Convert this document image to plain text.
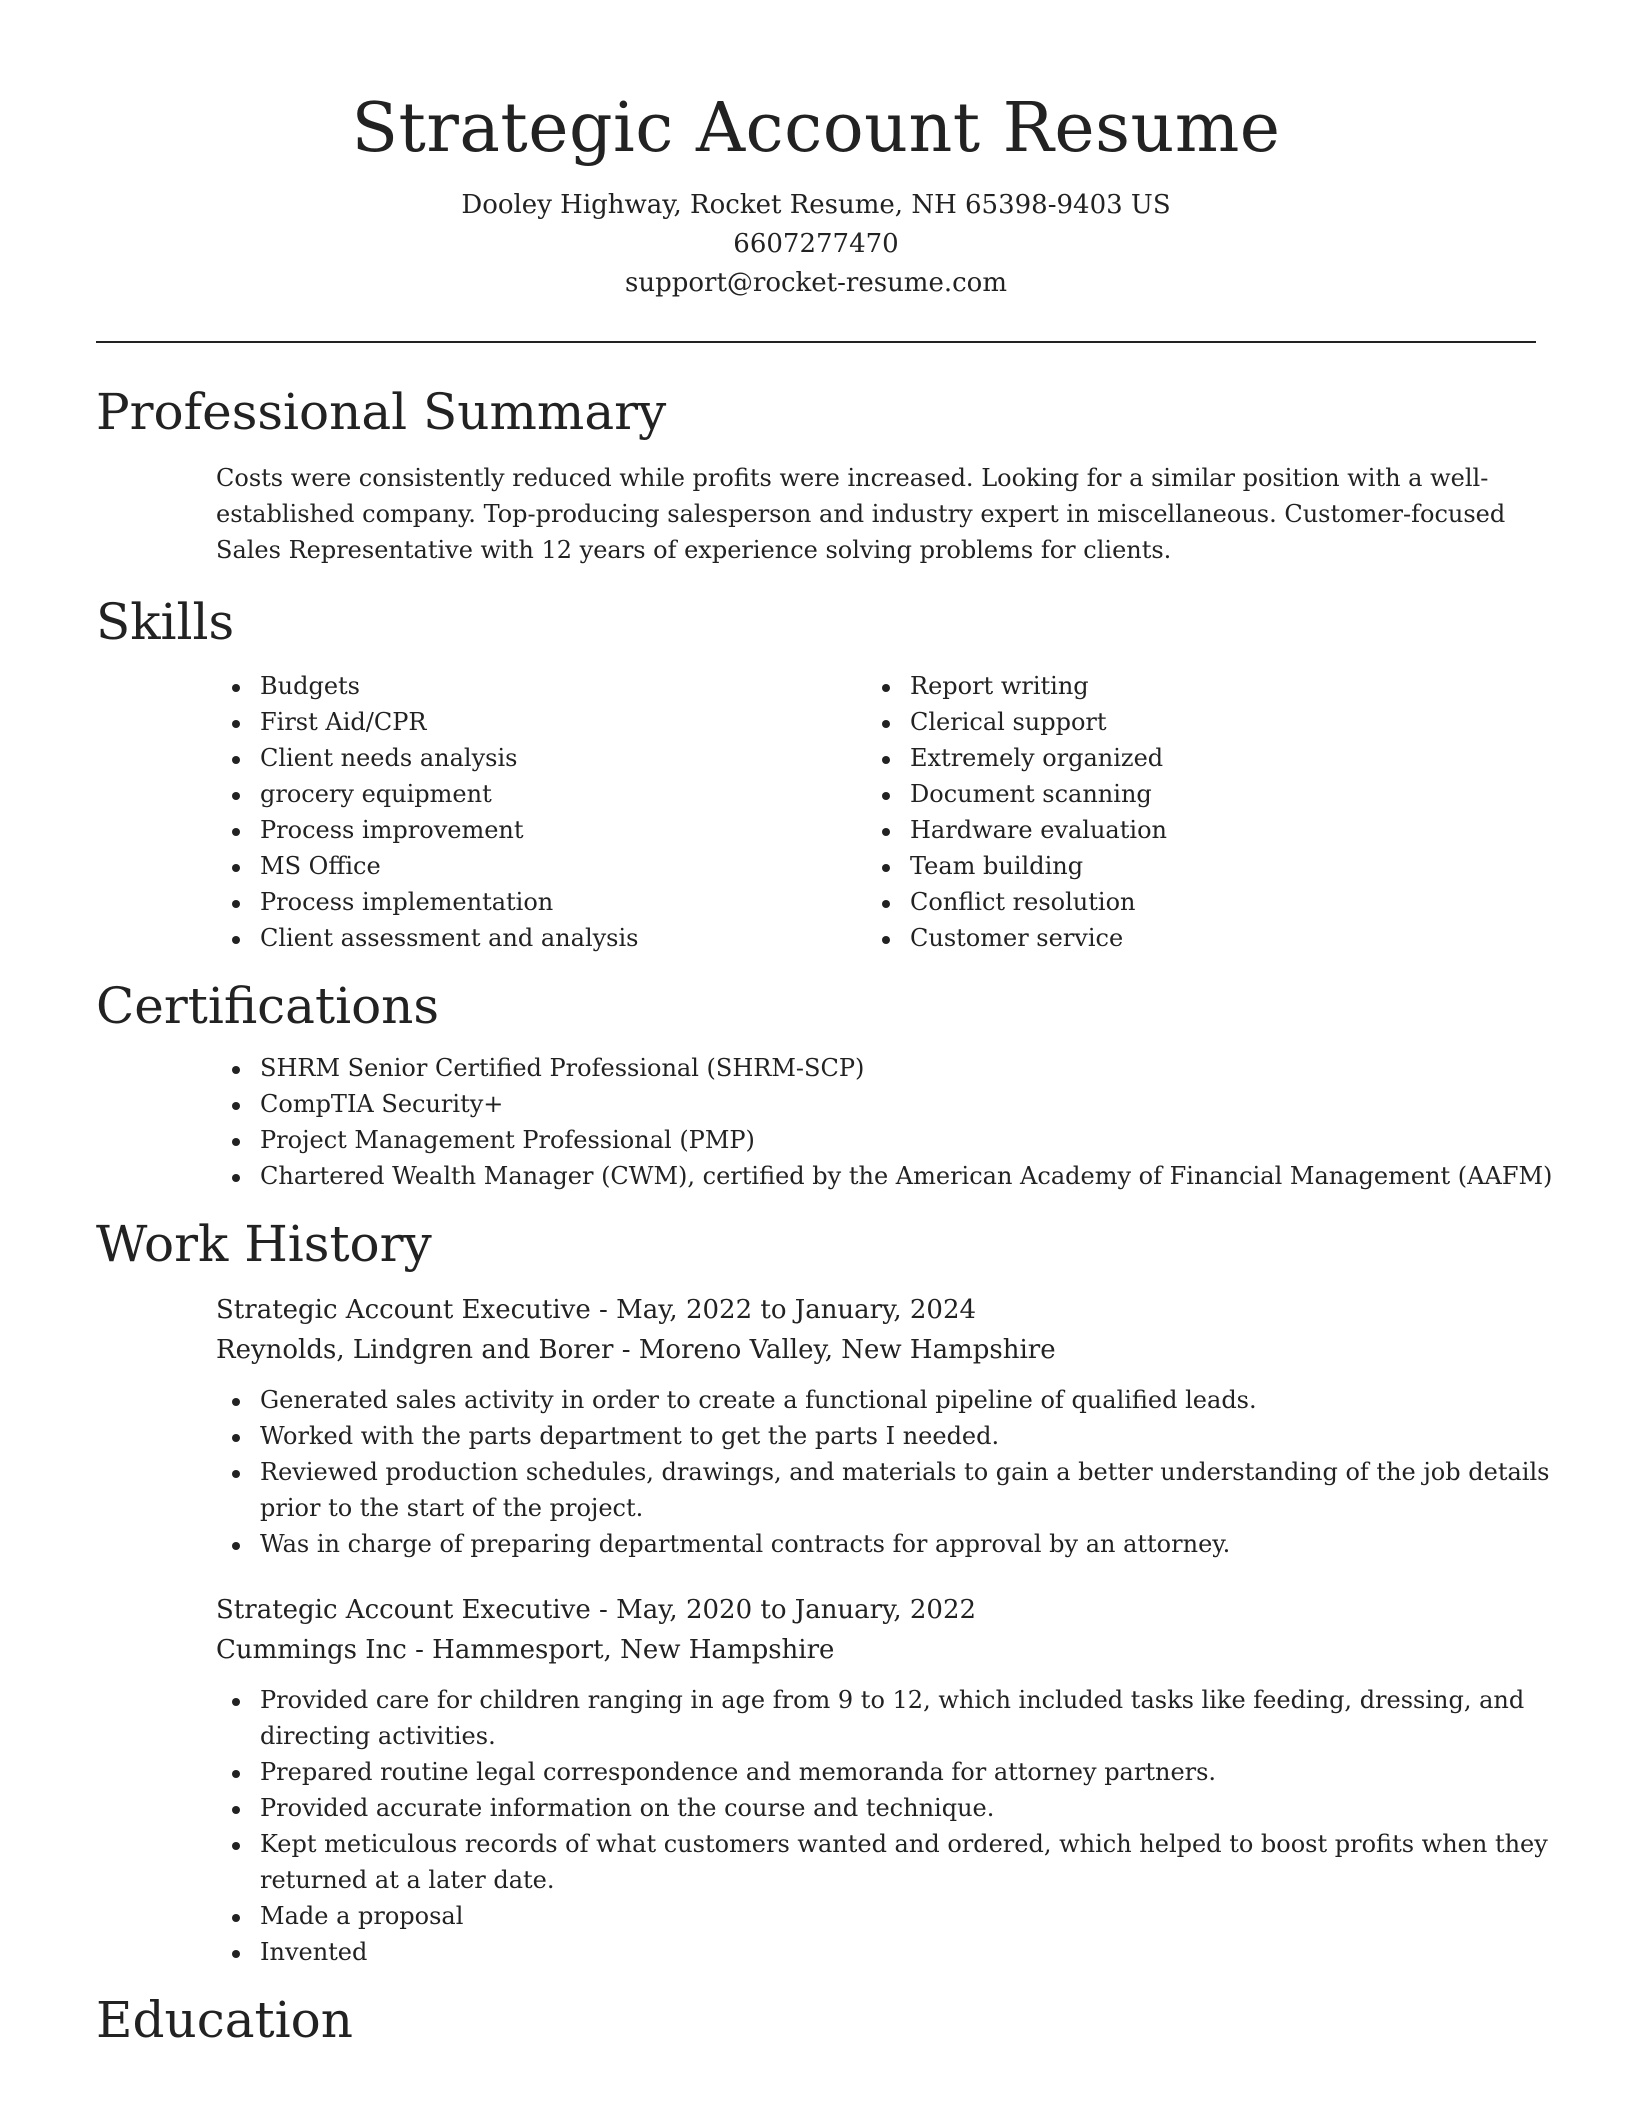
Strategic Account Resume
Dooley Highway, Rocket Resume, NH 65398-9403 US
6607277470
support@rocket-resume.com
Professional Summary

Costs were consistently reduced while profits were increased. Looking for a similar position with a well-established company. Top-producing salesperson and industry expert in miscellaneous. Customer-focused Sales Representative with 12 years of experience solving problems for clients.

Skills
Budgets
First Aid/CPR
Client needs analysis
grocery equipment
Process improvement
MS Office
Process implementation
Client assessment and analysis
Report writing
Clerical support
Extremely organized
Document scanning
Hardware evaluation
Team building
Conflict resolution
Customer service
Certifications
SHRM Senior Certified Professional (SHRM-SCP)
CompTIA Security+
Project Management Professional (PMP)
Chartered Wealth Manager (CWM), certified by the American Academy of Financial Management (AAFM)
Work History
Strategic Account Executive - May, 2022 to January, 2024
Reynolds, Lindgren and Borer - Moreno Valley, New Hampshire
Generated sales activity in order to create a functional pipeline of qualified leads.
Worked with the parts department to get the parts I needed.
Reviewed production schedules, drawings, and materials to gain a better understanding of the job details prior to the start of the project.
Was in charge of preparing departmental contracts for approval by an attorney.
Strategic Account Executive - May, 2020 to January, 2022
Cummings Inc - Hammesport, New Hampshire
Provided care for children ranging in age from 9 to 12, which included tasks like feeding, dressing, and directing activities.
Prepared routine legal correspondence and memoranda for attorney partners.
Provided accurate information on the course and technique.
Kept meticulous records of what customers wanted and ordered, which helped to boost profits when they returned at a later date.
Made a proposal
Invented
Education
